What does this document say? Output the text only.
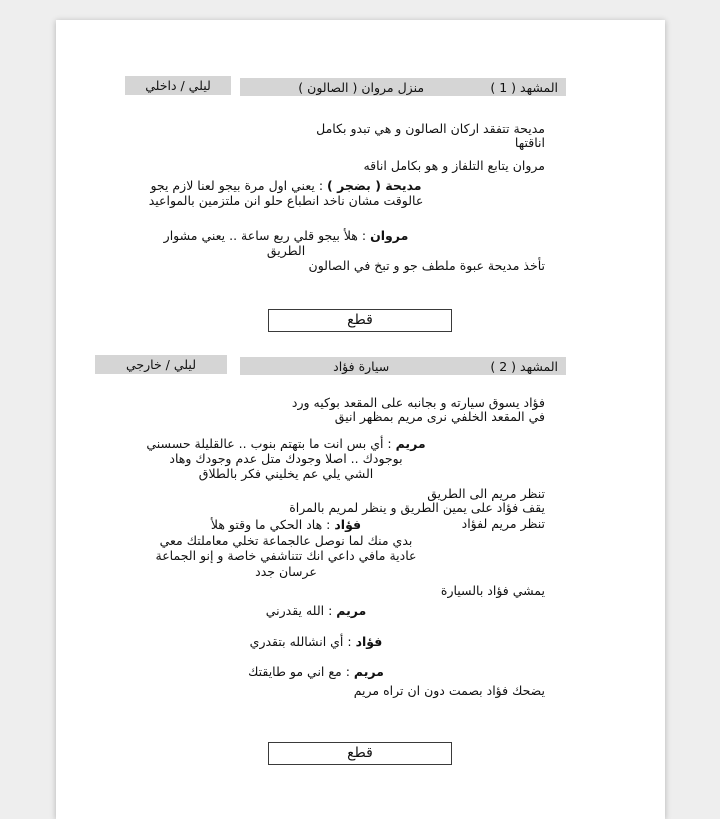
ليلي / داخلي	المشهد ( 1 )
منزل مروان ( الصالون )
مديحة تتفقد اركان الصالون و هي تبدو بكامل
اناقتها
مروان يتابع التلفاز و هو بكامل اناقه
مديحة ( بضجر ) : يعني اول مرة بيجو لعنا لازم يجو
عالوقت مشان ناخد انطباع حلو انن ملتزمين بالمواعيد
مروان : هلأ بيجو قلي ربع ساعة .. يعني مشوار
الطريق
تأخذ مديحة عبوة ملطف جو و تبخ في الصالون
قطع
ليلي / خارجي	المشهد ( 2 )
سيارة فؤاد
فؤاد يسوق سيارته و بجانبه على المقعد بوكيه ورد
في المقعد الخلفي نرى مريم بمظهر انيق
مريم : أي بس انت ما بتهتم بنوب .. عالقليلة حسسني
بوجودك .. اصلا وجودك متل عدم وجودك وهاد
الشي يلي عم يخليني فكر بالطلاق
تنظر مريم الى الطريق
يقف فؤاد على يمين الطريق و ينظر لمريم بالمراة
تنظر مريم لفؤاد
فؤاد : هاد الحكي ما وقتو هلأ
بدي منك لما نوصل عالجماعة تخلي معاملتك معي
عادية مافي داعي انك تتناشفي خاصة و إنو الجماعة
عرسان جدد
يمشي فؤاد بالسيارة
مريم : الله يقدرني
فؤاد : أي انشالله بتقدري
مريم : مع اني مو طايقتك
يضحك فؤاد بصمت دون ان تراه مريم
قطع
